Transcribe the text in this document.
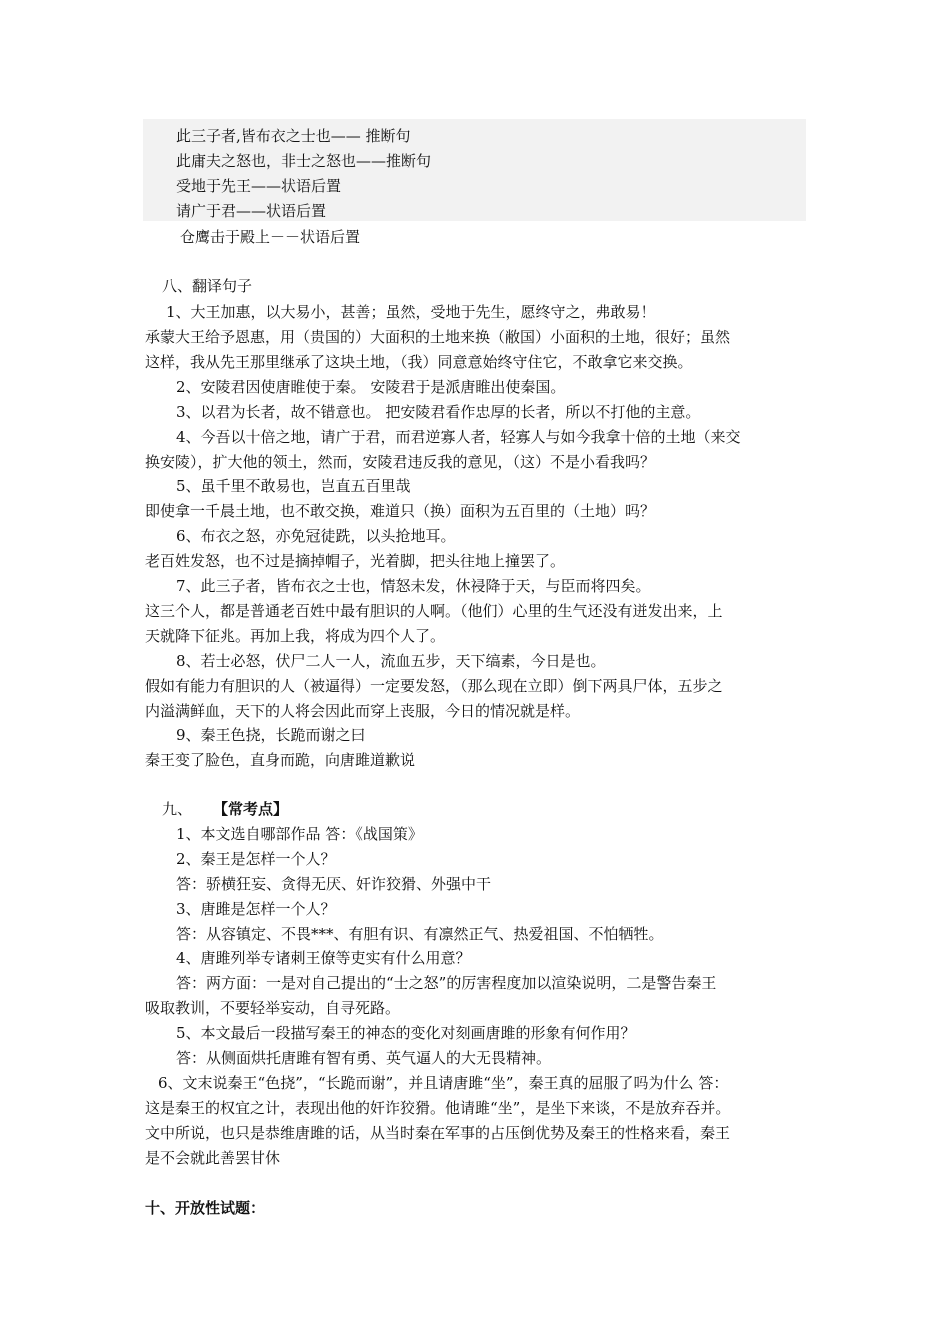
此三子者,皆布衣之士也—— 推断句
此庸夫之怒也，非士之怒也——推断句
受地于先王——状语后置
请广于君——状语后置
仓鹰击于殿上－－状语后置
八、翻译句子
1、大王加惠，以大易小，甚善；虽然，受地于先生，愿终守之，弗敢易！
承蒙大王给予恩惠，用（贵国的）大面积的土地来换（敝国）小面积的土地，很好；虽然
这样，我从先王那里继承了这块土地，（我）同意意始终守住它，不敢拿它来交换。
2、安陵君因使唐睢使于秦。 安陵君于是派唐睢出使秦国。
3、以君为长者，故不错意也。 把安陵君看作忠厚的长者，所以不打他的主意。
4、今吾以十倍之地，请广于君，而君逆寡人者，轻寡人与如今我拿十倍的土地（来交
换安陵），扩大他的领土，然而，安陵君违反我的意见，（这）不是小看我吗？
5、虽千里不敢易也，岂直五百里哉
即使拿一千晨土地，也不敢交换，难道只（换）面积为五百里的（土地）吗？
6、布衣之怒，亦免冠徒跣，以头抢地耳。
老百姓发怒，也不过是摘掉帽子，光着脚，把头往地上撞罢了。
7、此三子者，皆布衣之士也，情怒未发，休祲降于天，与臣而将四矣。
这三个人，都是普通老百姓中最有胆识的人啊。（他们）心里的生气还没有迸发出来，上
天就降下征兆。再加上我，将成为四个人了。
8、若士必怒，伏尸二人一人，流血五步，天下缟素，今日是也。
假如有能力有胆识的人（被逼得）一定要发怒，（那么现在立即）倒下两具尸体，五步之
内溢满鲜血，天下的人将会因此而穿上丧服，今日的情况就是样。
9、秦王色挠，长跪而谢之曰
秦王变了脸色，直身而跪，向唐雎道歉说
九、 【常考点】
1、本文选自哪部作品 答：《战国策》
2、秦王是怎样一个人？
答：骄横狂妄、贪得无厌、奸诈狡猾、外强中干
3、唐雎是怎样一个人？
答：从容镇定、不畏***、有胆有识、有凛然正气、热爱祖国、不怕牺牲。
4、唐雎列举专诸刺王僚等吏实有什么用意？
答：两方面：一是对自己提出的“士之怒”的厉害程度加以渲染说明，二是警告秦王
吸取教训，不要轻举妄动，自寻死路。
5、本文最后一段描写秦王的神态的变化对刻画唐雎的形象有何作用？
答：从侧面烘托唐雎有智有勇、英气逼人的大无畏精神。
6、文末说秦王“色挠”，“长跪而谢”，并且请唐雎“坐”，秦王真的屈服了吗为什么 答：
这是秦王的权宜之计，表现出他的奸诈狡猾。他请雎“坐”，是坐下来谈，不是放弃吞并。
文中所说，也只是恭维唐雎的话，从当时秦在军事的占压倒优势及秦王的性格来看，秦王
是不会就此善罢甘休
十、开放性试题：
